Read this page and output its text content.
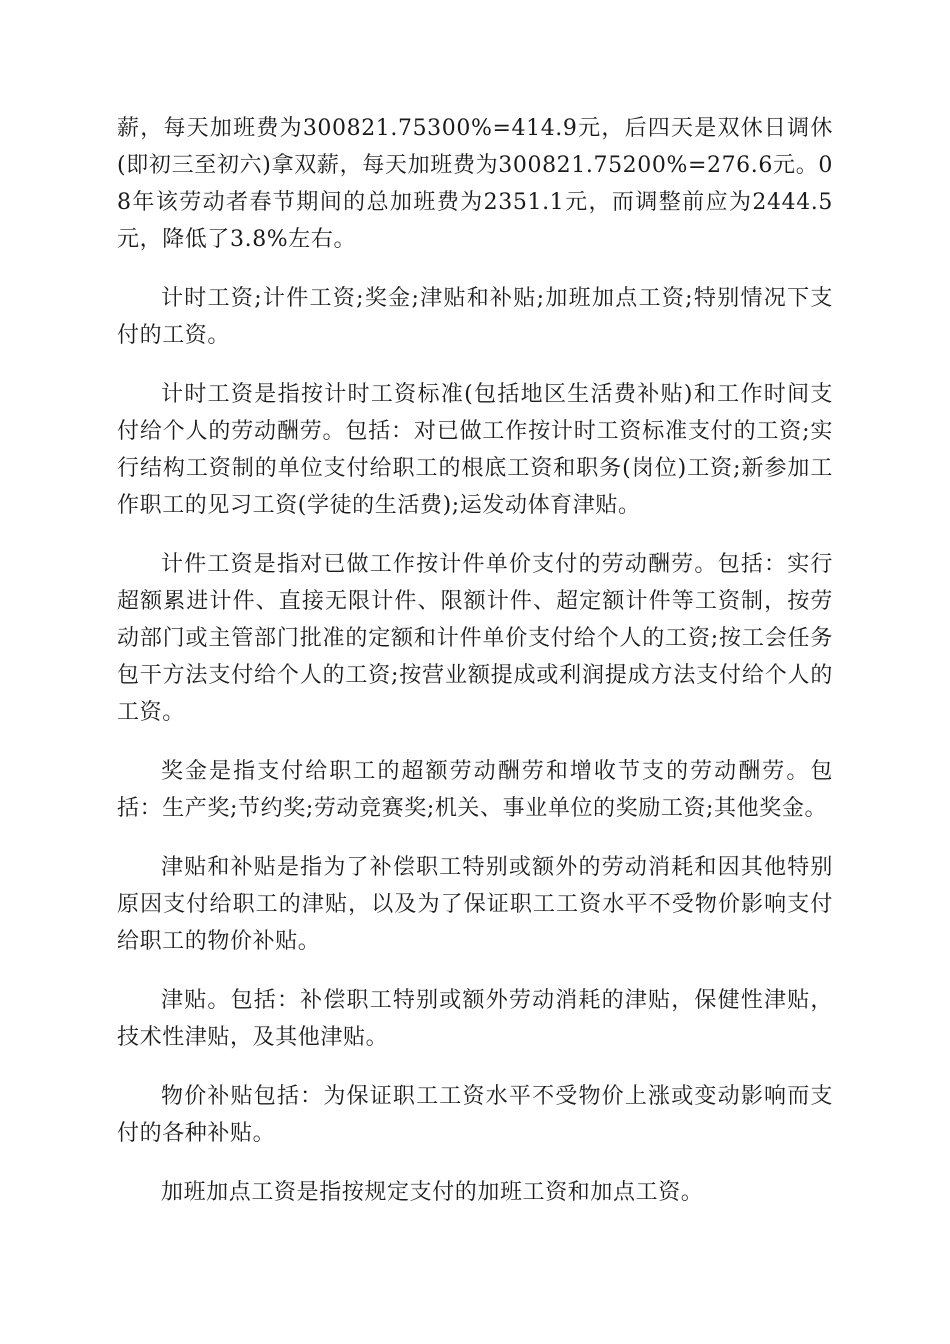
薪，每天加班费为300821.75300%=414.9元，后四天是双休日调休(即初三至初六)拿双薪，每天加班费为300821.75200%=276.6元。08年该劳动者春节期间的总加班费为2351.1元，而调整前应为2444.5元，降低了3.8%左右。

计时工资;计件工资;奖金;津贴和补贴;加班加点工资;特别情况下支付的工资。

计时工资是指按计时工资标准(包括地区生活费补贴)和工作时间支付给个人的劳动酬劳。包括：对已做工作按计时工资标准支付的工资;实行结构工资制的单位支付给职工的根底工资和职务(岗位)工资;新参加工作职工的见习工资(学徒的生活费);运发动体育津贴。

计件工资是指对已做工作按计件单价支付的劳动酬劳。包括：实行超额累进计件、直接无限计件、限额计件、超定额计件等工资制，按劳动部门或主管部门批准的定额和计件单价支付给个人的工资;按工会任务包干方法支付给个人的工资;按营业额提成或利润提成方法支付给个人的工资。

奖金是指支付给职工的超额劳动酬劳和增收节支的劳动酬劳。包括：生产奖;节约奖;劳动竞赛奖;机关、事业单位的奖励工资;其他奖金。

津贴和补贴是指为了补偿职工特别或额外的劳动消耗和因其他特别原因支付给职工的津贴，以及为了保证职工工资水平不受物价影响支付给职工的物价补贴。

津贴。包括：补偿职工特别或额外劳动消耗的津贴，保健性津贴，技术性津贴，及其他津贴。

物价补贴包括：为保证职工工资水平不受物价上涨或变动影响而支付的各种补贴。

加班加点工资是指按规定支付的加班工资和加点工资。
